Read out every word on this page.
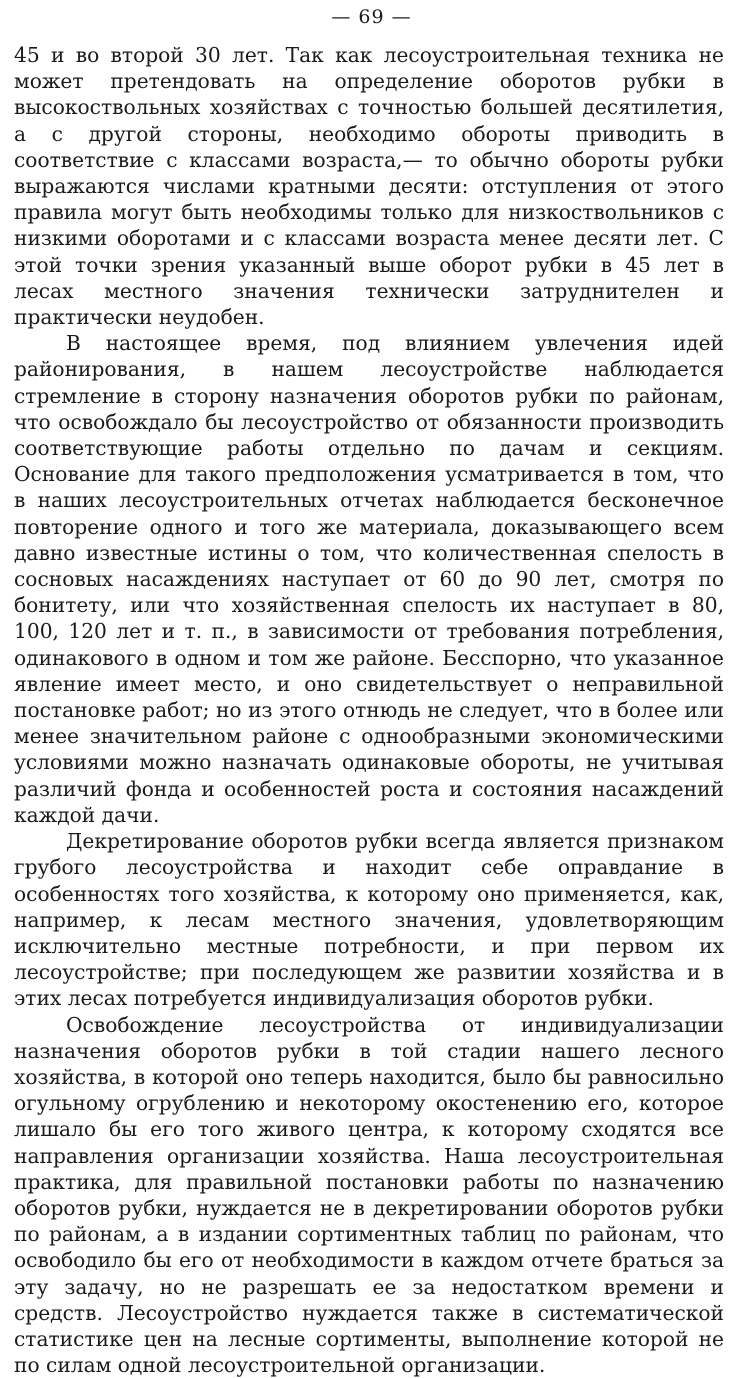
— 69 —

45 и во второй 30 лет. Так как лесоустроительная техника не может претендовать на определение оборотов рубки в высокоствольных хозяйствах с точностью большей десятилетия, а с другой стороны, необходимо обороты приводить в соответствие с классами возраста,— то обычно обороты рубки выражаются числами кратными десяти: отступления от этого правила могут быть необходимы только для низкоствольников с низкими оборотами и с классами возраста менее десяти лет. С этой точки зрения указанный выше оборот рубки в 45 лет в лесах местного значения технически затруднителен и практически неудобен.

В настоящее время, под влиянием увлечения идей районирования, в нашем лесоустройстве наблюдается стремление в сторону назначения оборотов рубки по районам, что освобождало бы лесоустройство от обязанности производить соответствующие работы отдельно по дачам и секциям. Основание для такого предположения усматривается в том, что в наших лесоустроительных отчетах наблюдается бесконечное повторение одного и того же материала, доказывающего всем давно известные истины о том, что количественная спелость в сосновых насаждениях наступает от 60 до 90 лет, смотря по бонитету, или что хозяйственная спелость их наступает в 80, 100, 120 лет и т. п., в зависимости от требования потребления, одинакового в одном и том же районе. Бесспорно, что указанное явление имеет место, и оно свидетельствует о неправильной постановке работ; но из этого отнюдь не следует, что в более или менее значительном районе с однообразными экономическими условиями можно назначать одинаковые обороты, не учитывая различий фонда и особенностей роста и состояния насаждений каждой дачи.

Декретирование оборотов рубки всегда является признаком грубого лесоустройства и находит себе оправдание в особенностях того хозяйства, к которому оно применяется, как, например, к лесам местного значения, удовлетворяющим исключительно местные потребности, и при первом их лесоустройстве; при последующем же развитии хозяйства и в этих лесах потребуется индивидуализация оборотов рубки.

Освобождение лесоустройства от индивидуализации назначения оборотов рубки в той стадии нашего лесного хозяйства, в которой оно теперь находится, было бы равносильно огульному огрублению и некоторому окостенению его, которое лишало бы его того живого центра, к которому сходятся все направления организации хозяйства. Наша лесоустроительная практика, для правильной постановки работы по назначению оборотов рубки, нуждается не в декретировании оборотов рубки по районам, а в издании сортиментных таблиц по районам, что освободило бы его от необходимости в каждом отчете браться за эту задачу, но не разрешать ее за недостатком времени и средств. Лесоустройство нуждается также в систематической статистике цен на лесные сортименты, выполнение которой не по силам одной лесоустроительной организации.
